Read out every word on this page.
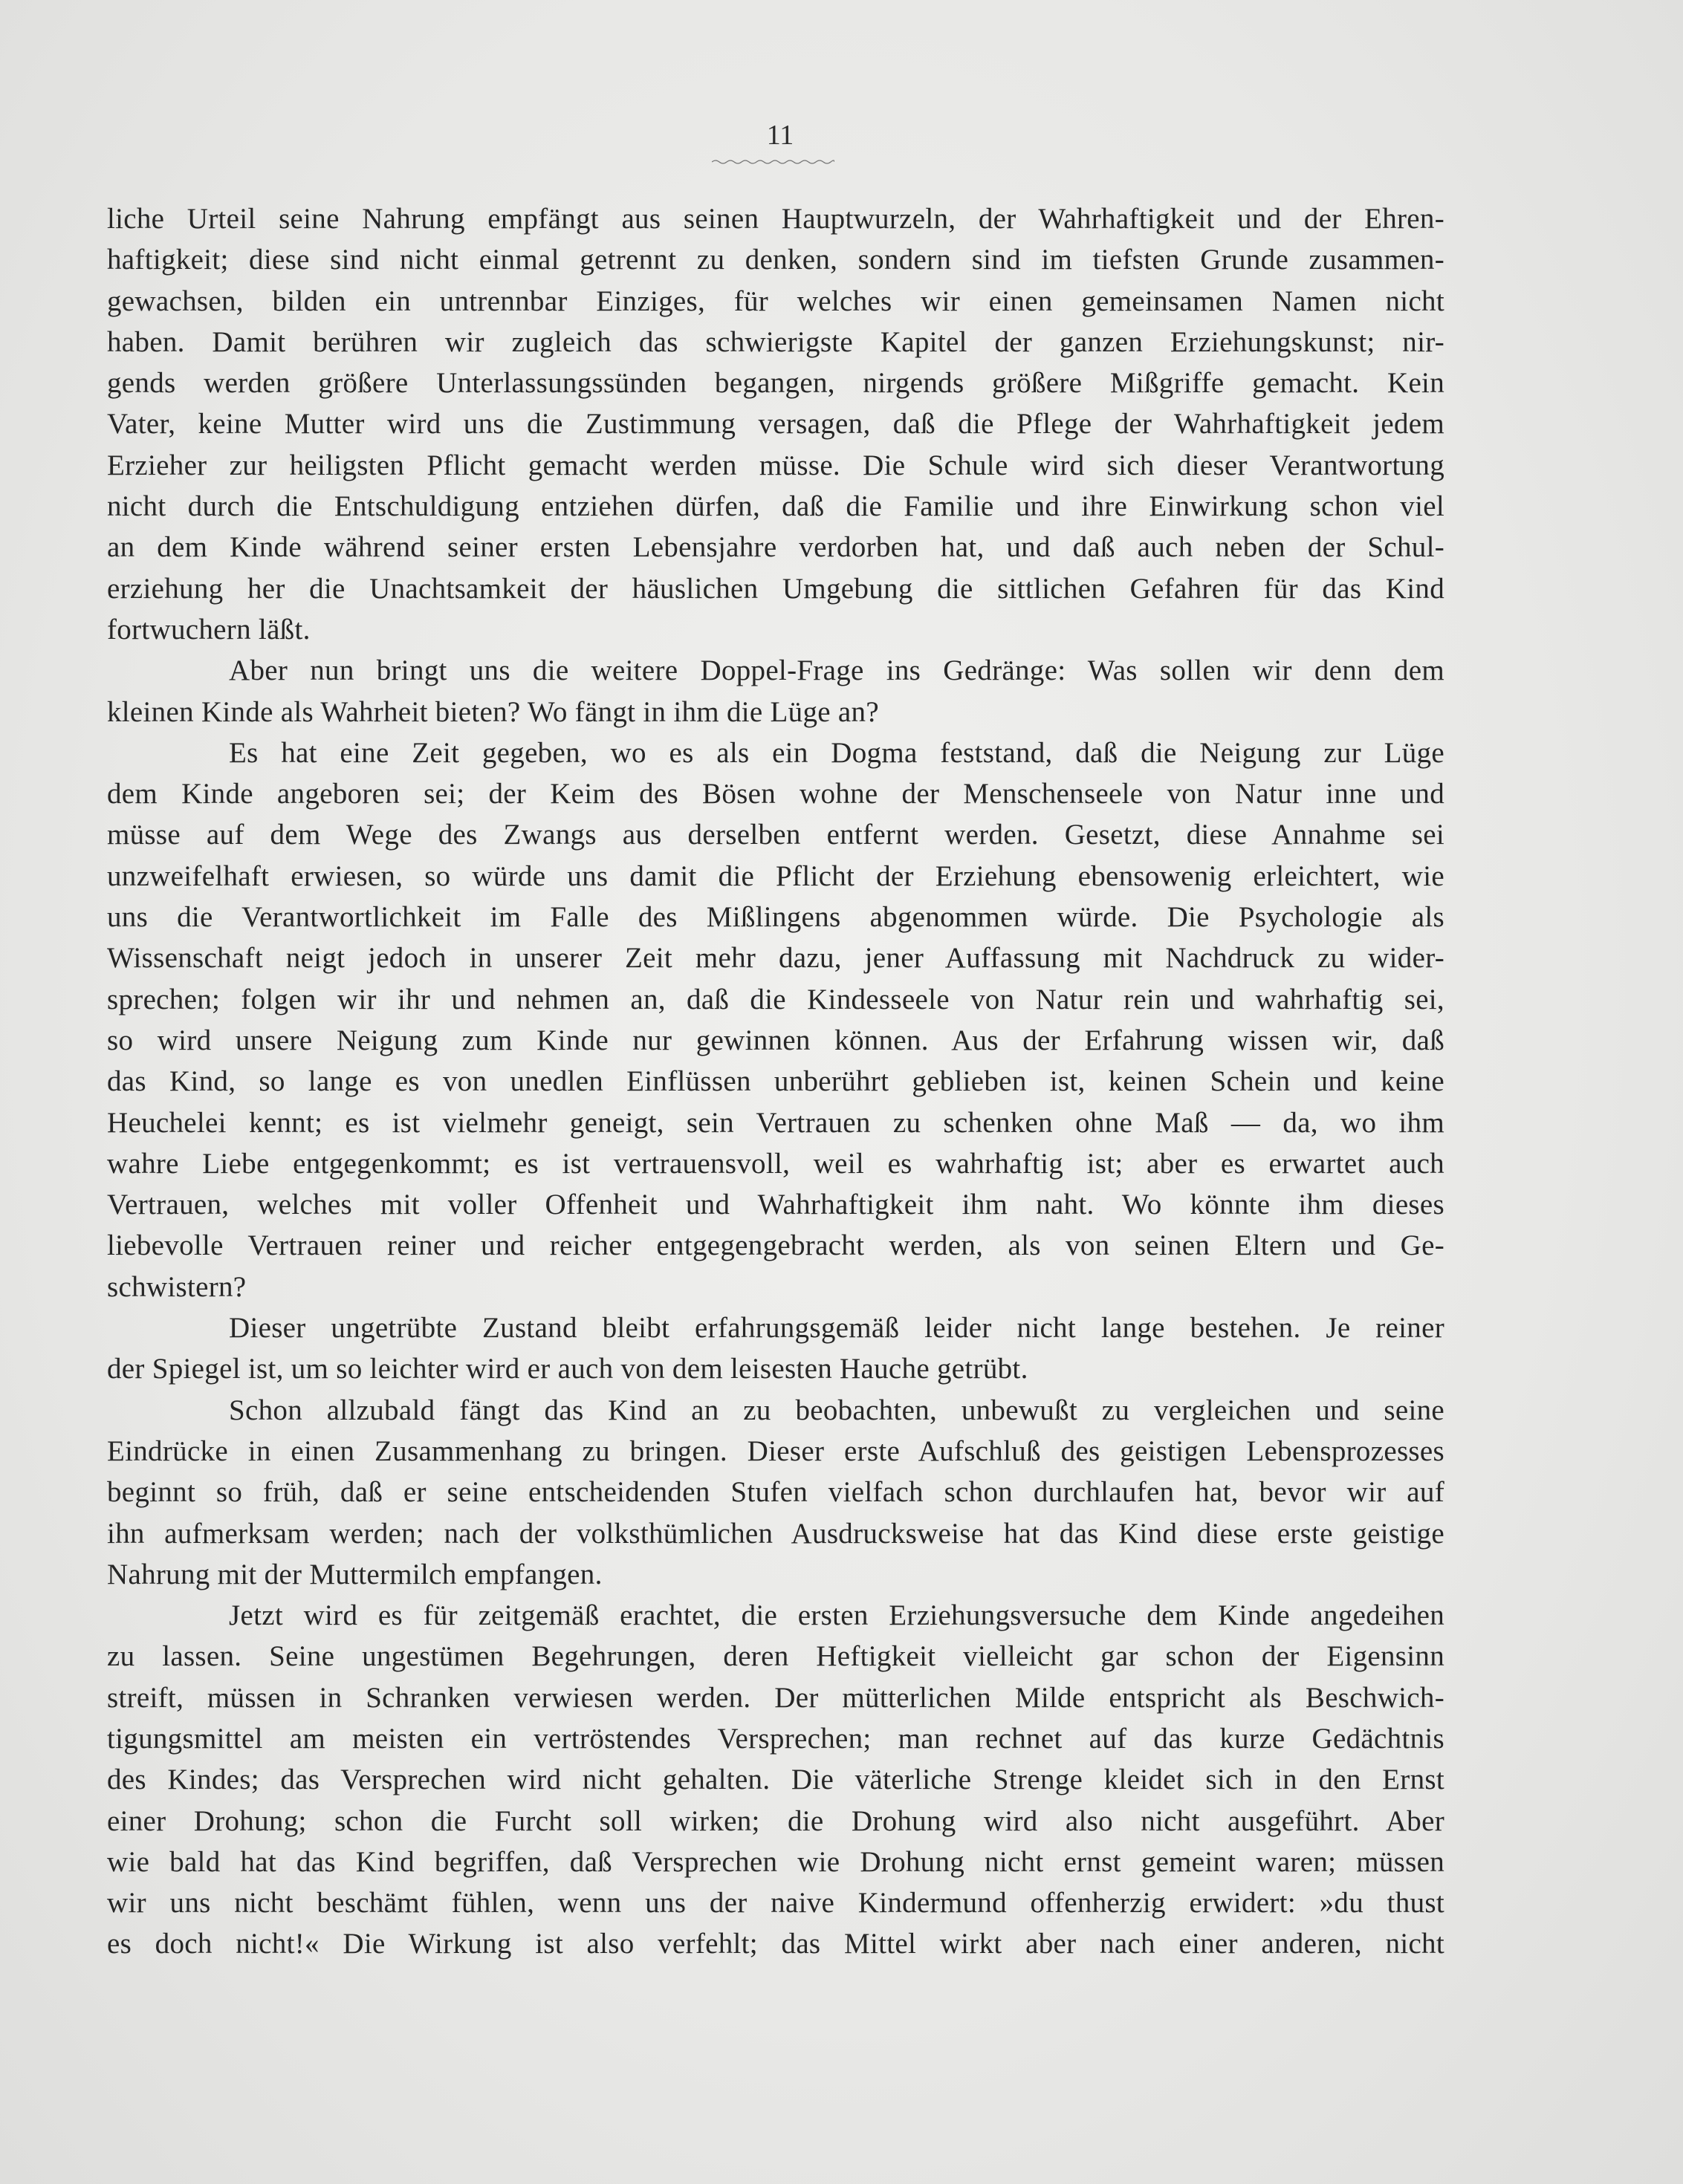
11
liche Urteil seine Nahrung empfängt aus seinen Hauptwurzeln, der Wahrhaftigkeit und der Ehren-
haftigkeit; diese sind nicht einmal getrennt zu denken, sondern sind im tiefsten Grunde zusammen-
gewachsen, bilden ein untrennbar Einziges, für welches wir einen gemeinsamen Namen nicht
haben. Damit berühren wir zugleich das schwierigste Kapitel der ganzen Erziehungskunst; nir-
gends werden größere Unterlassungssünden begangen, nirgends größere Mißgriffe gemacht. Kein
Vater, keine Mutter wird uns die Zustimmung versagen, daß die Pflege der Wahrhaftigkeit jedem
Erzieher zur heiligsten Pflicht gemacht werden müsse. Die Schule wird sich dieser Verantwortung
nicht durch die Entschuldigung entziehen dürfen, daß die Familie und ihre Einwirkung schon viel
an dem Kinde während seiner ersten Lebensjahre verdorben hat, und daß auch neben der Schul-
erziehung her die Unachtsamkeit der häuslichen Umgebung die sittlichen Gefahren für das Kind
fortwuchern läßt.
Aber nun bringt uns die weitere Doppel-Frage ins Gedränge: Was sollen wir denn dem
kleinen Kinde als Wahrheit bieten? Wo fängt in ihm die Lüge an?
Es hat eine Zeit gegeben, wo es als ein Dogma feststand, daß die Neigung zur Lüge
dem Kinde angeboren sei; der Keim des Bösen wohne der Menschenseele von Natur inne und
müsse auf dem Wege des Zwangs aus derselben entfernt werden. Gesetzt, diese Annahme sei
unzweifelhaft erwiesen, so würde uns damit die Pflicht der Erziehung ebensowenig erleichtert, wie
uns die Verantwortlichkeit im Falle des Mißlingens abgenommen würde. Die Psychologie als
Wissenschaft neigt jedoch in unserer Zeit mehr dazu, jener Auffassung mit Nachdruck zu wider-
sprechen; folgen wir ihr und nehmen an, daß die Kindesseele von Natur rein und wahrhaftig sei,
so wird unsere Neigung zum Kinde nur gewinnen können. Aus der Erfahrung wissen wir, daß
das Kind, so lange es von unedlen Einflüssen unberührt geblieben ist, keinen Schein und keine
Heuchelei kennt; es ist vielmehr geneigt, sein Vertrauen zu schenken ohne Maß — da, wo ihm
wahre Liebe entgegenkommt; es ist vertrauensvoll, weil es wahrhaftig ist; aber es erwartet auch
Vertrauen, welches mit voller Offenheit und Wahrhaftigkeit ihm naht. Wo könnte ihm dieses
liebevolle Vertrauen reiner und reicher entgegengebracht werden, als von seinen Eltern und Ge-
schwistern?
Dieser ungetrübte Zustand bleibt erfahrungsgemäß leider nicht lange bestehen. Je reiner
der Spiegel ist, um so leichter wird er auch von dem leisesten Hauche getrübt.
Schon allzubald fängt das Kind an zu beobachten, unbewußt zu vergleichen und seine
Eindrücke in einen Zusammenhang zu bringen. Dieser erste Aufschluß des geistigen Lebensprozesses
beginnt so früh, daß er seine entscheidenden Stufen vielfach schon durchlaufen hat, bevor wir auf
ihn aufmerksam werden; nach der volksthümlichen Ausdrucksweise hat das Kind diese erste geistige
Nahrung mit der Muttermilch empfangen.
Jetzt wird es für zeitgemäß erachtet, die ersten Erziehungsversuche dem Kinde angedeihen
zu lassen. Seine ungestümen Begehrungen, deren Heftigkeit vielleicht gar schon der Eigensinn
streift, müssen in Schranken verwiesen werden. Der mütterlichen Milde entspricht als Beschwich-
tigungsmittel am meisten ein vertröstendes Versprechen; man rechnet auf das kurze Gedächtnis
des Kindes; das Versprechen wird nicht gehalten. Die väterliche Strenge kleidet sich in den Ernst
einer Drohung; schon die Furcht soll wirken; die Drohung wird also nicht ausgeführt. Aber
wie bald hat das Kind begriffen, daß Versprechen wie Drohung nicht ernst gemeint waren; müssen
wir uns nicht beschämt fühlen, wenn uns der naive Kindermund offenherzig erwidert: »du thust
es doch nicht!« Die Wirkung ist also verfehlt; das Mittel wirkt aber nach einer anderen, nicht
